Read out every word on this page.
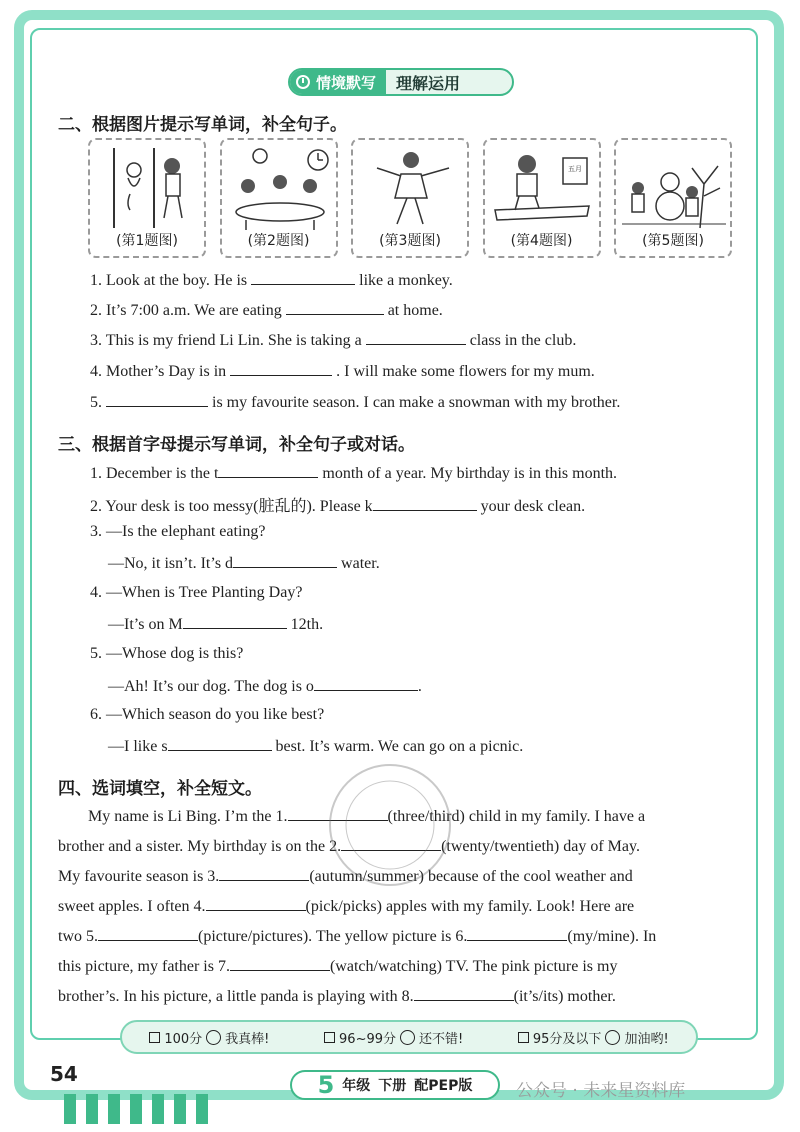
情境默写	理解运用
二、根据图片提示写单词，补全句子。
(第1题图)	(第2题图)	(第3题图)
五月
(第4题图)	(第5题图)
1. Look at the boy. He is	like a monkey.
2. It’s 7:00 a.m. We are eating	at home.
3. This is my friend Li Lin. She is taking a	class in the club.
4. Mother’s Day is in	. I will make some flowers for my mum.
5.	is my favourite season. I can make a snowman with my brother.
三、根据首字母提示写单词，补全句子或对话。
1. December is the t	month of a year. My birthday is in this month.
2. Your desk is too messy(脏乱的). Please k	your desk clean.
3. —Is the elephant eating?
—No, it isn’t. It’s d	water.
4. —When is Tree Planting Day?
—It’s on M	12th.
5. —Whose dog is this?
—Ah! It’s our dog. The dog is o	.
6. —Which season do you like best?
—I like s	best. It’s warm. We can go on a picnic.
四、选词填空，补全短文。
My name is Li Bing. I’m the 1.	(three/third) child in my family. I have a
brother and a sister. My birthday is on the 2.	(twenty/twentieth) day of May.
My favourite season is 3.	(autumn/summer) because of the cool weather and
sweet apples. I often 4.	(pick/picks) apples with my family. Look! Here are
two 5.	(picture/pictures). The yellow picture is 6.	(my/mine). In
this picture, my father is 7.	(watch/watching) TV. The pink picture is my
brother’s. In his picture, a little panda is playing with 8.	(it’s/its) mother.
100分 我真棒!	96~99分 还不错!	95分及以下 加油哟!
54	5 年级 下册 配PEP版	公众号 · 未来星资料库
